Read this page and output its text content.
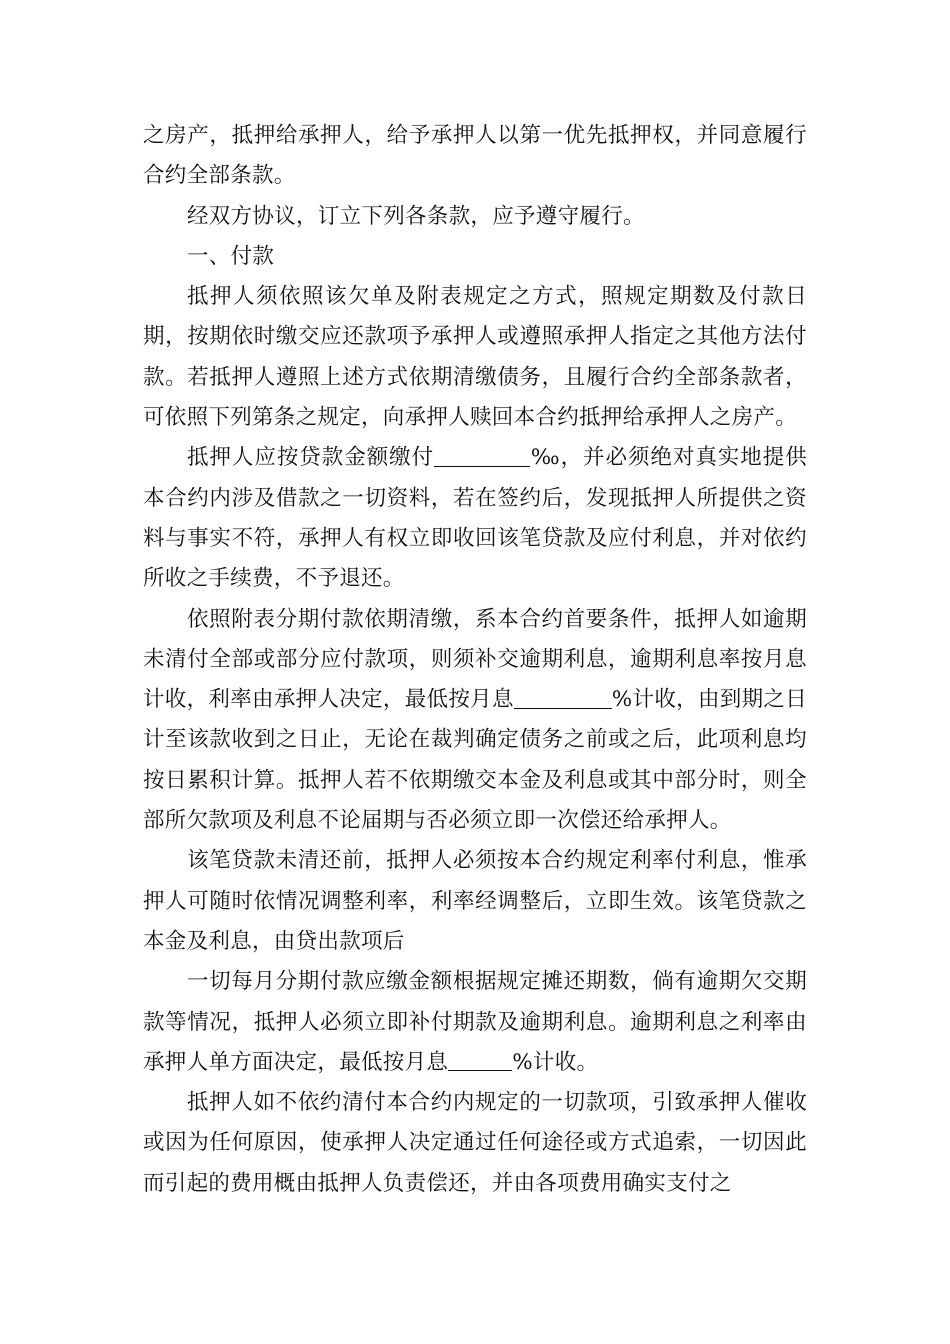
之房产，抵押给承押人，给予承押人以第一优先抵押权，并同意履行合约全部条款。

经双方协议，订立下列各条款，应予遵守履行。

一、付款

抵押人须依照该欠单及附表规定之方式，照规定期数及付款日期，按期依时缴交应还款项予承押人或遵照承押人指定之其他方法付款。若抵押人遵照上述方式依期清缴债务，且履行合约全部条款者，可依照下列第条之规定，向承押人赎回本合约抵押给承押人之房产。

抵押人应按贷款金额缴付	‰，并必须绝对真实地提供本合约内涉及借款之一切资料，若在签约后，发现抵押人所提供之资料与事实不符，承押人有权立即收回该笔贷款及应付利息，并对依约所收之手续费，不予退还。

依照附表分期付款依期清缴，系本合约首要条件，抵押人如逾期未清付全部或部分应付款项，则须补交逾期利息，逾期利息率按月息计收，利率由承押人决定，最低按月息	%计收，由到期之日计至该款收到之日止，无论在裁判确定债务之前或之后，此项利息均按日累积计算。抵押人若不依期缴交本金及利息或其中部分时，则全部所欠款项及利息不论届期与否必须立即一次偿还给承押人。

该笔贷款未清还前，抵押人必须按本合约规定利率付利息，惟承押人可随时依情况调整利率，利率经调整后，立即生效。该笔贷款之本金及利息，由贷出款项后

一切每月分期付款应缴金额根据规定摊还期数，倘有逾期欠交期款等情况，抵押人必须立即补付期款及逾期利息。逾期利息之利率由承押人单方面决定，最低按月息	%计收。

抵押人如不依约清付本合约内规定的一切款项，引致承押人催收或因为任何原因，使承押人决定通过任何途径或方式追索，一切因此而引起的费用概由抵押人负责偿还，并由各项费用确实支付之
